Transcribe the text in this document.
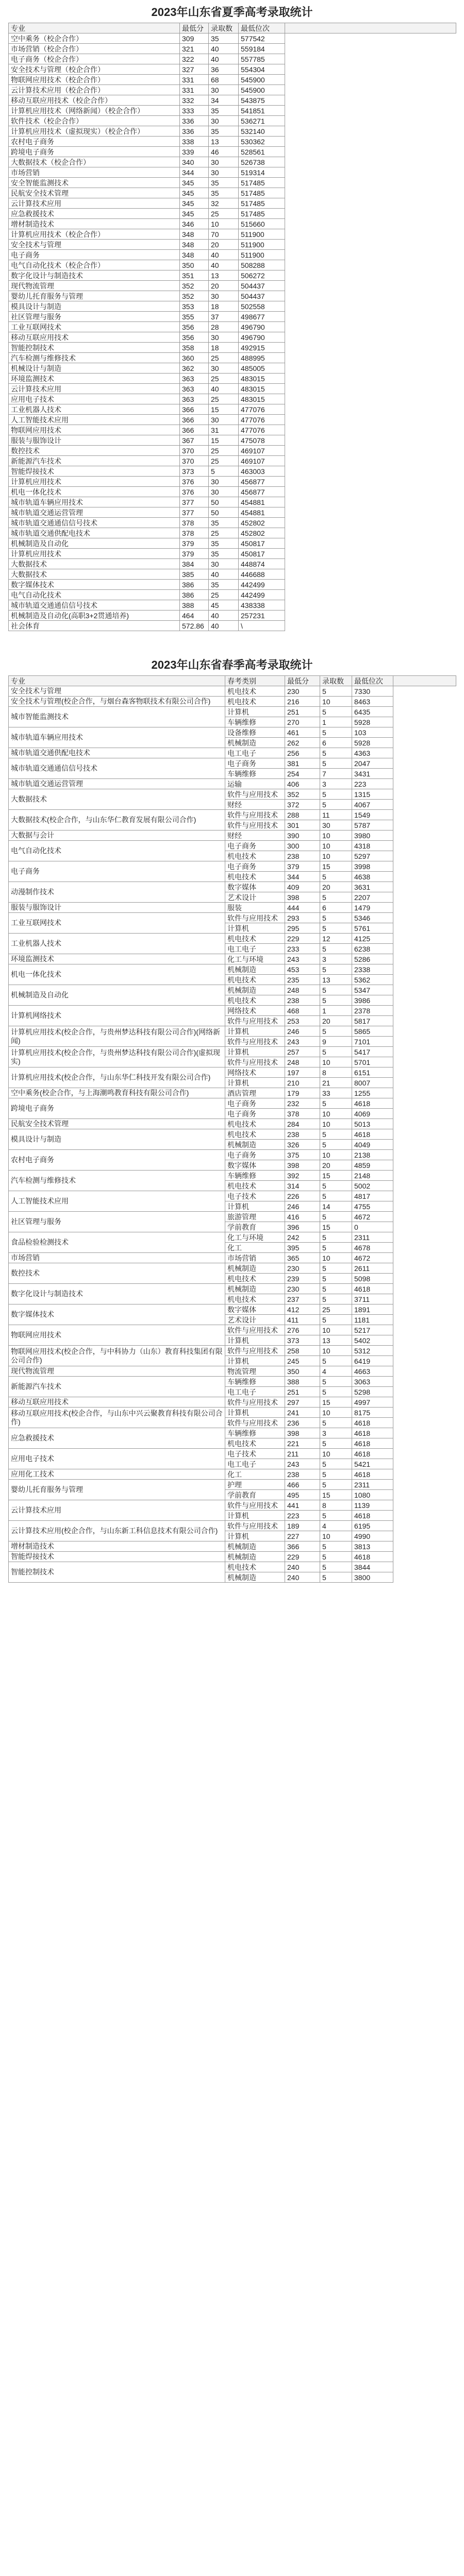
2023年山东省夏季高考录取统计
专业	最低分	录取数	最低位次	
空中乘务（校企合作）	309	35	577542	
市场营销（校企合作）	321	40	559184	
电子商务（校企合作）	322	40	557785	
安全技术与管理（校企合作）	327	36	554304	
物联网应用技术（校企合作）	331	68	545900	
云计算技术应用（校企合作）	331	30	545900	
移动互联应用技术（校企合作）	332	34	543875	
计算机应用技术（网络新闻）（校企合作）	333	35	541851	
软件技术（校企合作）	336	30	536271	
计算机应用技术（虚拟现实）（校企合作）	336	35	532140	
农村电子商务	338	13	530362	
跨境电子商务	339	46	528561	
大数据技术（校企合作）	340	30	526738	
市场营销	344	30	519314	
安全智能监测技术	345	35	517485	
民航安全技术管理	345	35	517485	
云计算技术应用	345	32	517485	
应急救援技术	345	25	517485	
增材制造技术	346	10	515660	
计算机应用技术（校企合作）	348	70	511900	
安全技术与管理	348	20	511900	
电子商务	348	40	511900	
电气自动化技术（校企合作）	350	40	508288	
数字化设计与制造技术	351	13	506272	
现代物流管理	352	20	504437	
婴幼儿托育服务与管理	352	30	504437	
模具设计与制造	353	18	502558	
社区管理与服务	355	37	498677	
工业互联网技术	356	28	496790	
移动互联应用技术	356	30	496790	
智能控制技术	358	18	492915	
汽车检测与维修技术	360	25	488995	
机械设计与制造	362	30	485005	
环境监测技术	363	25	483015	
云计算技术应用	363	40	483015	
应用电子技术	363	25	483015	
工业机器人技术	366	15	477076	
人工智能技术应用	366	30	477076	
物联网应用技术	366	31	477076	
服装与服饰设计	367	15	475078	
数控技术	370	25	469107	
新能源汽车技术	370	25	469107	
智能焊接技术	373	5	463003	
计算机应用技术	376	30	456877	
机电一体化技术	376	30	456877	
城市轨道车辆应用技术	377	50	454881	
城市轨道交通运营管理	377	50	454881	
城市轨道交通通信信号技术	378	35	452802	
城市轨道交通供配电技术	378	25	452802	
机械制造及自动化	379	35	450817	
计算机应用技术	379	35	450817	
大数据技术	384	30	448874	
大数据技术	385	40	446688	
数字媒体技术	386	35	442499	
电气自动化技术	386	25	442499	
城市轨道交通通信信号技术	388	45	438338	
机械制造及自动化(高职3+2贯通培养)	464	40	257231	
社会体育	572.86	40	\	
2023年山东省春季高考录取统计
专业	春考类别	最低分	录取数	最低位次	
安全技术与管理	机电技术	230	5	7330	
安全技术与管理(校企合作，与烟台森客物联技术有限公司合作)	机电技术	216	10	8463	
城市智能监测技术	计算机	251	5	6435	
	车辆维修	270	1	5928	
城市轨道车辆应用技术	设备维修	461	5	103	
	机械制造	262	6	5928	
城市轨道交通供配电技术	电工电子	256	5	4363	
城市轨道交通通信信号技术	电子商务	381	5	2047	
	车辆维修	254	7	3431	
城市轨道交通运营管理	运输	406	3	223	
大数据技术	软件与应用技术	352	5	1315	
	财经	372	5	4067	
大数据技术(校企合作，与山东华仁教育发展有限公司合作)	软件与应用技术	288	11	1549	
	软件与应用技术	301	30	5787	
大数据与会计	财经	390	10	3980	
电气自动化技术	电子商务	300	10	4318	
	机电技术	238	10	5297	
电子商务	电子商务	379	15	3998	
	机电技术	344	5	4638	
动漫制作技术	数字媒体	409	20	3631	
	艺术设计	398	5	2207	
服装与服饰设计	服装	444	6	1479	
工业互联网技术	软件与应用技术	293	5	5346	
	计算机	295	5	5761	
工业机器人技术	机电技术	229	12	4125	
	电工电子	233	5	6238	
环境监测技术	化工与环境	243	3	5286	
机电一体化技术	机械制造	453	5	2338	
	机电技术	235	13	5362	
机械制造及自动化	机械制造	248	5	5347	
	机电技术	238	5	3986	
计算机网络技术	网络技术	468	1	2378	
	软件与应用技术	253	20	5817	
计算机应用技术(校企合作，与贵州梦达科技有限公司合作)(网络新闻)	计算机	246	5	5865	
	软件与应用技术	243	9	7101	
计算机应用技术(校企合作，与贵州梦达科技有限公司合作)(虚拟现实)	计算机	257	5	5417	
	软件与应用技术	248	10	5701	
计算机应用技术(校企合作，与山东华仁科技开发有限公司合作)	网络技术	197	8	6151	
	计算机	210	21	8007	
空中乘务(校企合作，与上海潮鸣教育科技有限公司合作)	酒店管理	179	33	1255	
跨境电子商务	电子商务	232	5	4618	
	电子商务	378	10	4069	
民航安全技术管理	机电技术	284	10	5013	
模具设计与制造	机电技术	238	5	4618	
	机械制造	326	5	4049	
农村电子商务	电子商务	375	10	2138	
	数字媒体	398	20	4859	
汽车检测与维修技术	车辆维修	392	15	2148	
	机电技术	314	5	5002	
人工智能技术应用	电子技术	226	5	4817	
	计算机	246	14	4755	
社区管理与服务	旅游管理	416	5	4672	
	学前教育	396	15	0	
食品检验检测技术	化工与环境	242	5	2311	
	化工	395	5	4678	
市场营销	市场营销	365	10	4672	
数控技术	机械制造	230	5	2611	
	机电技术	239	5	5098	
数字化设计与制造技术	机械制造	230	5	4618	
	机电技术	237	5	3711	
数字媒体技术	数字媒体	412	25	1891	
	艺术设计	411	5	1181	
物联网应用技术	软件与应用技术	276	10	5217	
	计算机	373	13	5402	
物联网应用技术(校企合作，与中科协力（山东）教育科技集团有限公司合作)	软件与应用技术	258	10	5312	
	计算机	245	5	6419	
现代物流管理	物流管理	350	4	4663	
新能源汽车技术	车辆维修	388	5	3063	
	电工电子	251	5	5298	
移动互联应用技术	软件与应用技术	297	15	4997	
移动互联应用技术(校企合作，与山东中兴云聚教育科技有限公司合作)	计算机	241	10	8175	
	软件与应用技术	236	5	4618	
应急救援技术	车辆维修	398	3	4618	
	机电技术	221	5	4618	
应用电子技术	电子技术	211	10	4618	
	电工电子	243	5	5421	
应用化工技术	化工	238	5	4618	
婴幼儿托育服务与管理	护理	466	5	2311	
	学前教育	495	15	1080	
云计算技术应用	软件与应用技术	441	8	1139	
	计算机	223	5	4618	
云计算技术应用(校企合作，与山东新工科信息技术有限公司合作)	软件与应用技术	189	4	6195	
	计算机	227	10	4990	
增材制造技术	机械制造	366	5	3813	
智能焊接技术	机械制造	229	5	4618	
智能控制技术	机电技术	240	5	3844	
	机械制造	240	5	3800	
